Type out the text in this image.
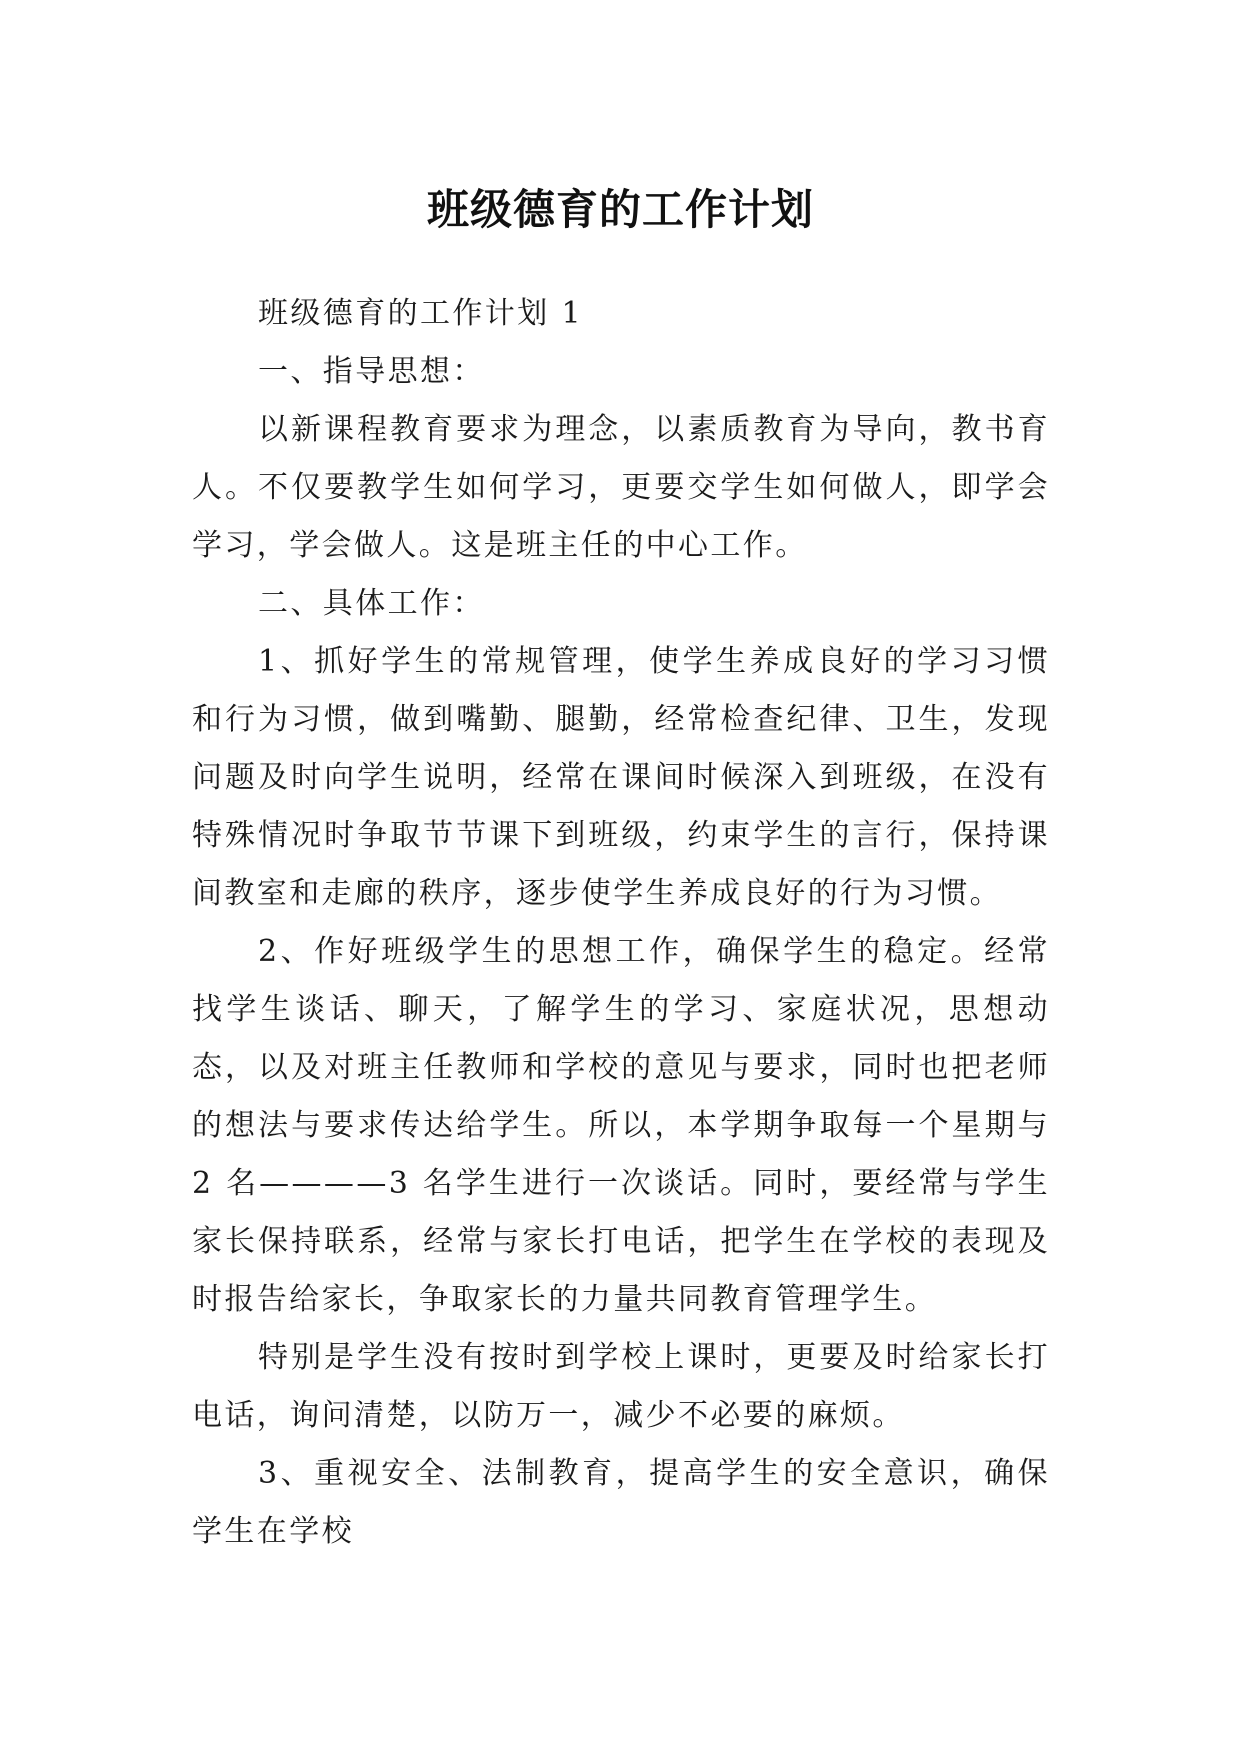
班级德育的工作计划

班级德育的工作计划 1

一、指导思想：

以新课程教育要求为理念，以素质教育为导向，教书育人。不仅要教学生如何学习，更要交学生如何做人，即学会学习，学会做人。这是班主任的中心工作。

二、具体工作：

1、抓好学生的常规管理，使学生养成良好的学习习惯和行为习惯，做到嘴勤、腿勤，经常检查纪律、卫生，发现问题及时向学生说明，经常在课间时候深入到班级，在没有特殊情况时争取节节课下到班级，约束学生的言行，保持课间教室和走廊的秩序，逐步使学生养成良好的行为习惯。

2、作好班级学生的思想工作，确保学生的稳定。经常找学生谈话、聊天，了解学生的学习、家庭状况，思想动态，以及对班主任教师和学校的意见与要求，同时也把老师的想法与要求传达给学生。所以，本学期争取每一个星期与 2 名————3 名学生进行一次谈话。同时，要经常与学生家长保持联系，经常与家长打电话，把学生在学校的表现及时报告给家长，争取家长的力量共同教育管理学生。

特别是学生没有按时到学校上课时，更要及时给家长打电话，询问清楚，以防万一，减少不必要的麻烦。

3、重视安全、法制教育，提高学生的安全意识，确保学生在学校
